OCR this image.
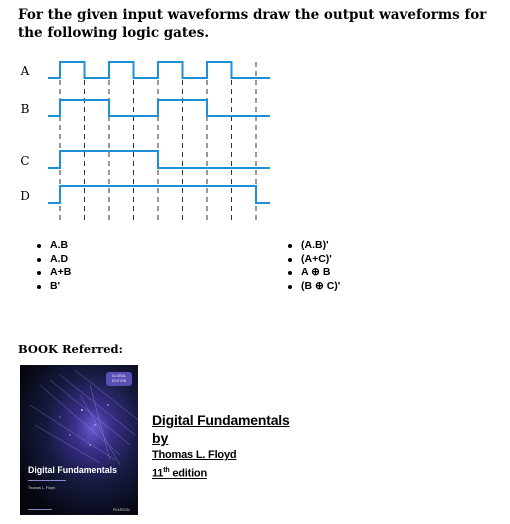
For the given input waveforms draw the output waveforms for the following logic gates.
A
B
C
D
A.B
A.D
A+B
B'
(A.B)'
(A+C)'
A ⊕ B
(B ⊕ C)'
BOOK Referred:
GLOBAL EDITION
Digital Fundamentals
Thomas L. Floyd
PEARSON
Digital Fundamentals
by
Thomas L. Floyd
11th edition
